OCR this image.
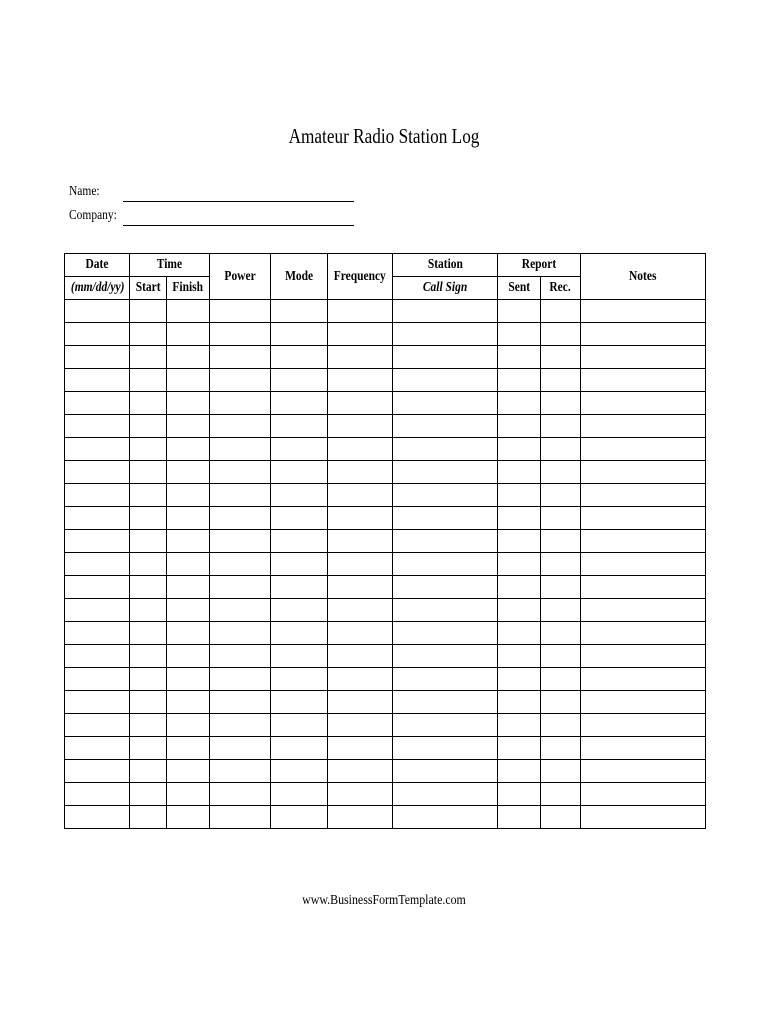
Amateur Radio Station Log
Name:
Company:
Date	Time		Power	Mode	Frequency	Station	Report		Notes
(mm/dd/yy)	Start	Finish				Call Sign	Sent	Rec.	

www.BusinessFormTemplate.com
